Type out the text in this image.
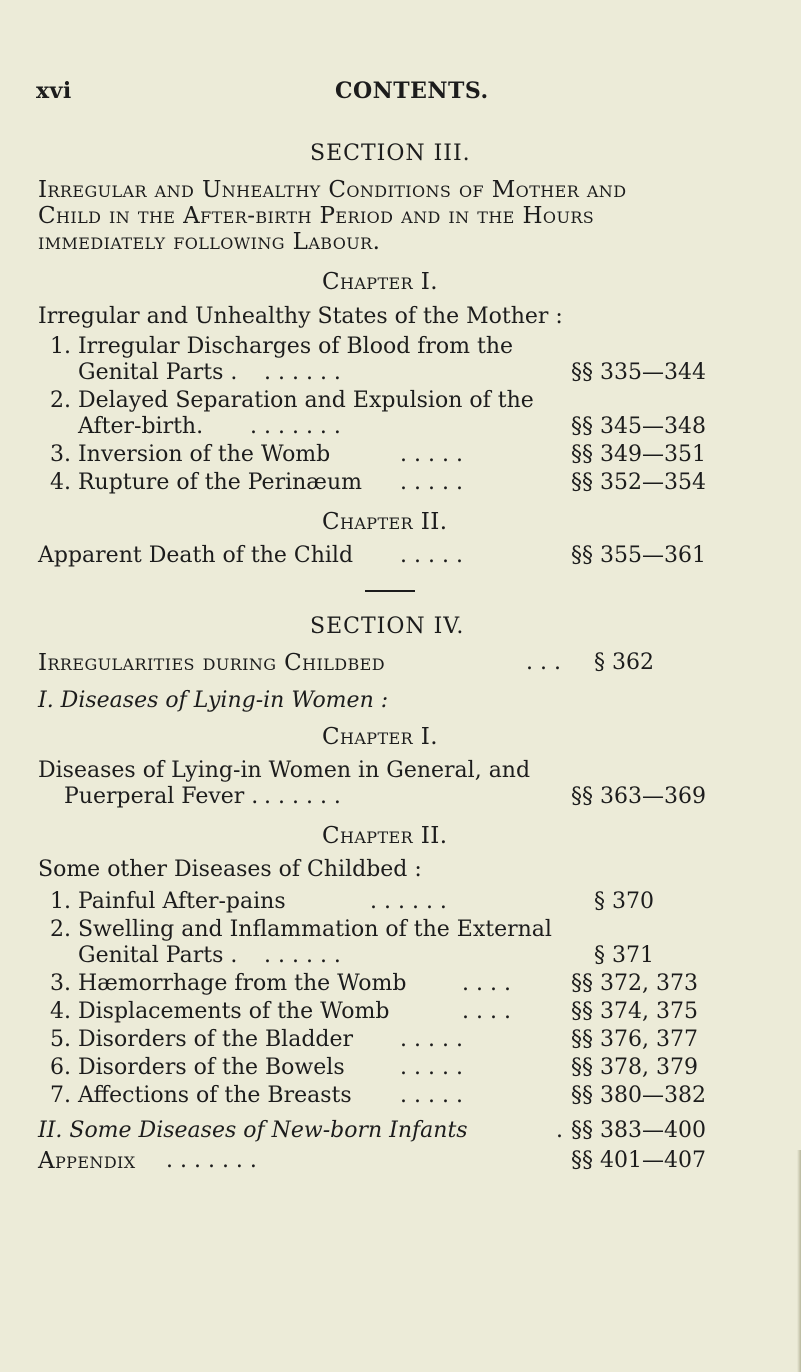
xvi	CONTENTS.
SECTION III.
Irregular and Unhealthy Conditions of Mother and
Child in the After-birth Period and in the Hours
immediately following Labour.
Chapter I.
Irregular and Unhealthy States of the Mother :
1. Irregular Discharges of Blood from the
Genital Parts . . . . . . .	§§ 335—344
2. Delayed Separation and Expulsion of the
After-birth. . . . . . . .	§§ 345—348
3. Inversion of the Womb	. . . . .	§§ 349—351
4. Rupture of the Perinæum . . . . .	§§ 352—354
Chapter II.
Apparent Death of the Child . . . . .	§§ 355—361
SECTION IV.
Irregularities during Childbed	. . . § 362
I. Diseases of Lying-in Women :
Chapter I.
Diseases of Lying-in Women in General, and
Puerperal Fever . . . . . . .	§§ 363—369
Chapter II.
Some other Diseases of Childbed :
1. Painful After-pains	. . . . . .	§ 370
2. Swelling and Inflammation of the External
Genital Parts . . . . . . .	§ 371
3. Hæmorrhage from the Womb	. . . .	§§ 372, 373
4. Displacements of the Womb	. . . .	§§ 374, 375
5. Disorders of the Bladder . . . . .	§§ 376, 377
6. Disorders of the Bowels	. . . . .	§§ 378, 379
7. Affections of the Breasts . . . . .	§§ 380—382
II. Some Diseases of New-born Infants	. §§ 383—400
Appendix . . . . . . .	§§ 401—407
